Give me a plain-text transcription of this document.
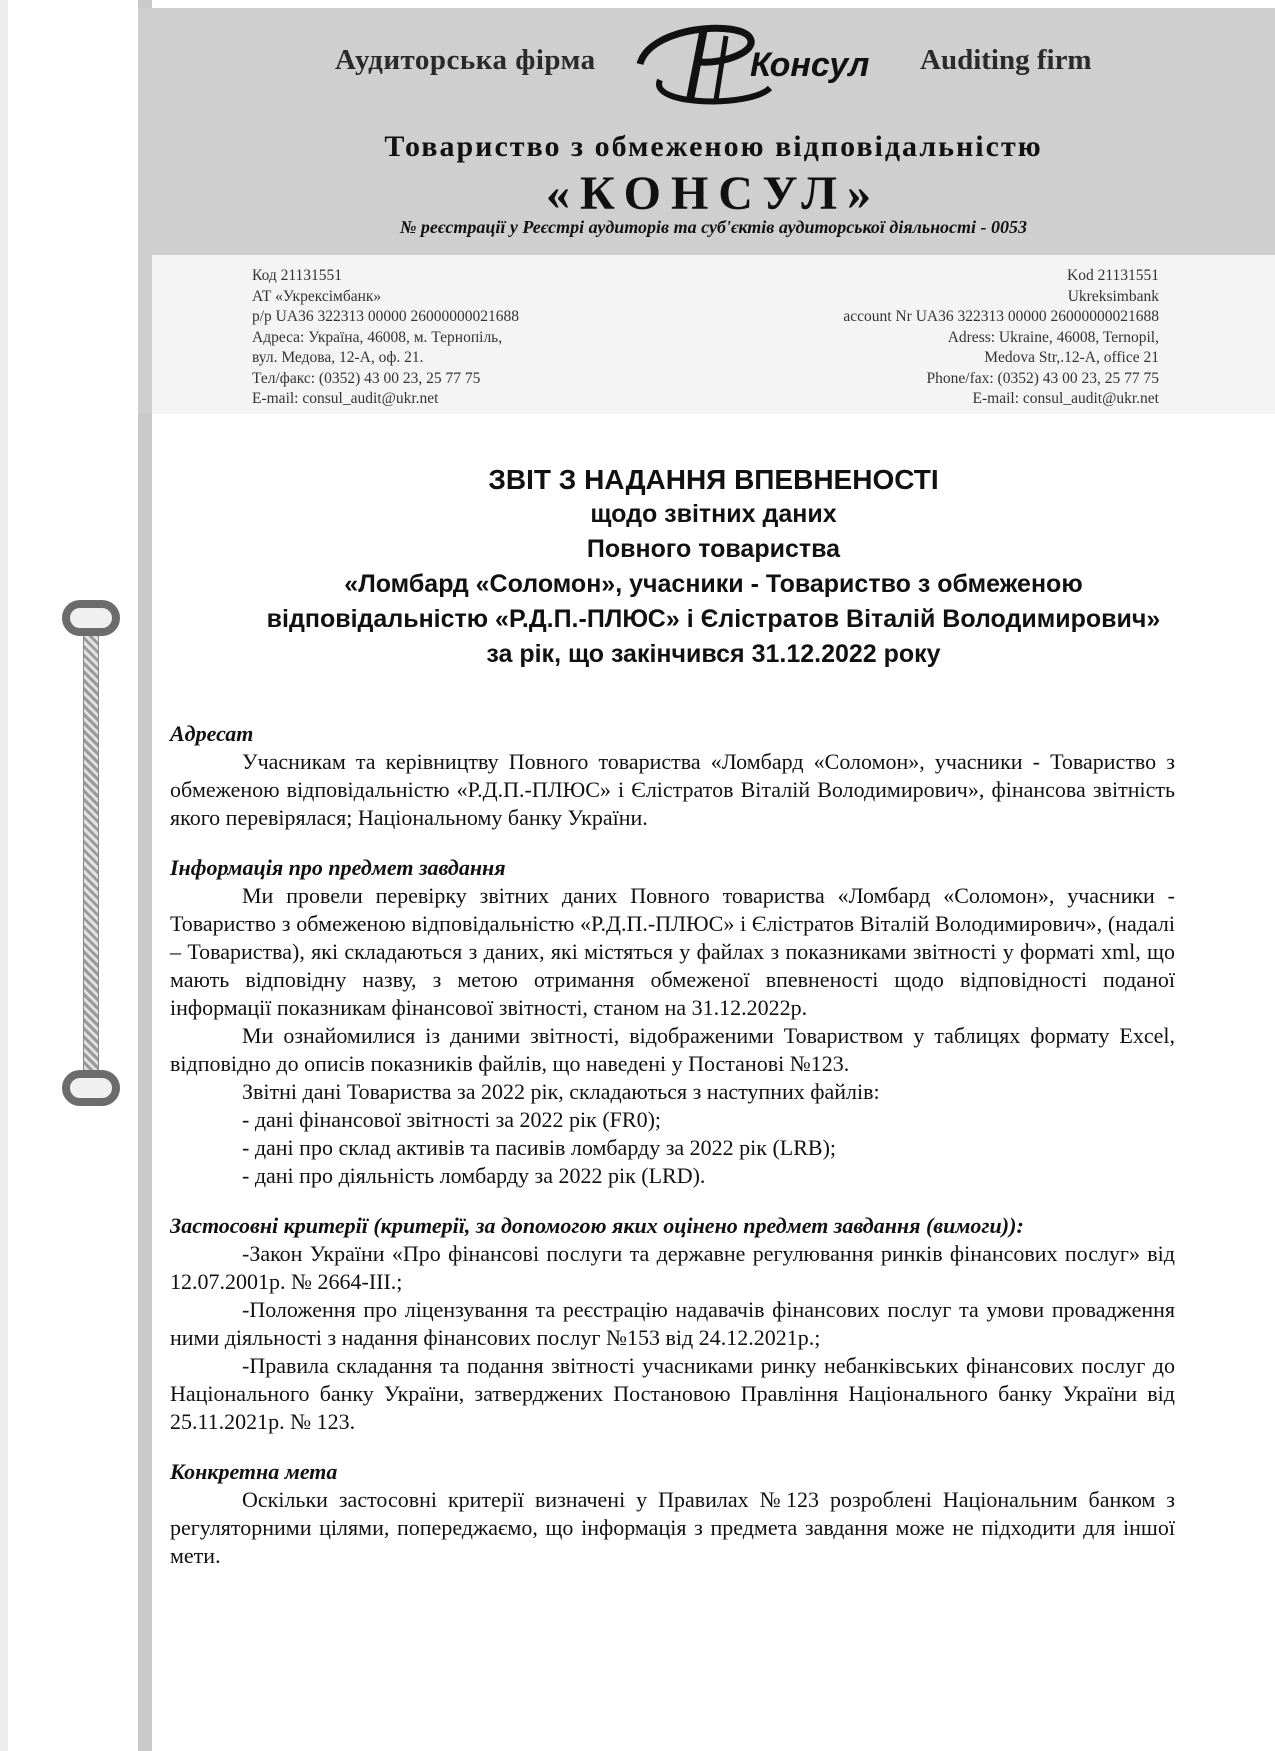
Аудиторська фірма	Консул Auditing firm
Товариство з обмеженою відповідальністю
«КОНСУЛ»
№ реєстрації у Реєстрі аудиторів та суб'єктів аудиторської діяльності - 0053
Код 21131551
АТ «Укрексімбанк»
р/р UA36 322313 00000 26000000021688
Адреса: Україна, 46008, м. Тернопіль,
вул. Медова, 12-А, оф. 21.
Тел/факс: (0352) 43 00 23, 25 77 75
E-mail: consul_audit@ukr.net
Kod 21131551
Ukreksimbank
account Nr UA36 322313 00000 26000000021688
Adress: Ukraine, 46008, Ternopil,
Medova Str,.12-A, office 21
Phone/fax: (0352) 43 00 23, 25 77 75
E-mail: consul_audit@ukr.net
ЗВІТ З НАДАННЯ ВПЕВНЕНОСТІ
щодо звітних даних
Повного товариства
«Ломбард «Соломон», учасники - Товариство з обмеженою
відповідальністю «Р.Д.П.-ПЛЮС» і Єлістратов Віталій Володимирович»
за рік, що закінчився 31.12.2022 року
Адресат

Учасникам та керівництву Повного товариства «Ломбард «Соломон», учасники - Товариство з обмеженою відповідальністю «Р.Д.П.-ПЛЮС» і Єлістратов Віталій Володимирович», фінансова звітність якого перевірялася; Національному банку України.

Інформація про предмет завдання

Ми провели перевірку звітних даних Повного товариства «Ломбард «Соломон», учасники - Товариство з обмеженою відповідальністю «Р.Д.П.-ПЛЮС» і Єлістратов Віталій Володимирович», (надалі – Товариства), які складаються з даних, які містяться у файлах з показниками звітності у форматі xml, що мають відповідну назву, з метою отримання обмеженої впевненості щодо відповідності поданої інформації показникам фінансової звітності, станом на 31.12.2022р.

Ми ознайомилися із даними звітності, відображеними Товариством у таблицях формату Excel, відповідно до описів показників файлів, що наведені у Постанові №123.

Звітні дані Товариства за 2022 рік, складаються з наступних файлів:

- дані фінансової звітності за 2022 рік (FR0);

- дані про склад активів та пасивів ломбарду за 2022 рік (LRB);

- дані про діяльність ломбарду за 2022 рік (LRD).

Застосовні критерії (критерії, за допомогою яких оцінено предмет завдання (вимоги)):

-Закон України «Про фінансові послуги та державне регулювання ринків фінансових послуг» від 12.07.2001р. № 2664-ІІІ.;

-Положення про ліцензування та реєстрацію надавачів фінансових послуг та умови провадження ними діяльності з надання фінансових послуг №153 від 24.12.2021р.;

-Правила складання та подання звітності учасниками ринку небанківських фінансових послуг до Національного банку України, затверджених Постановою Правління Національного банку України від 25.11.2021р. № 123.

Конкретна мета

Оскільки застосовні критерії визначені у Правилах №123 розроблені Національним банком з регуляторними цілями, попереджаємо, що інформація з предмета завдання може не підходити для іншої мети.
